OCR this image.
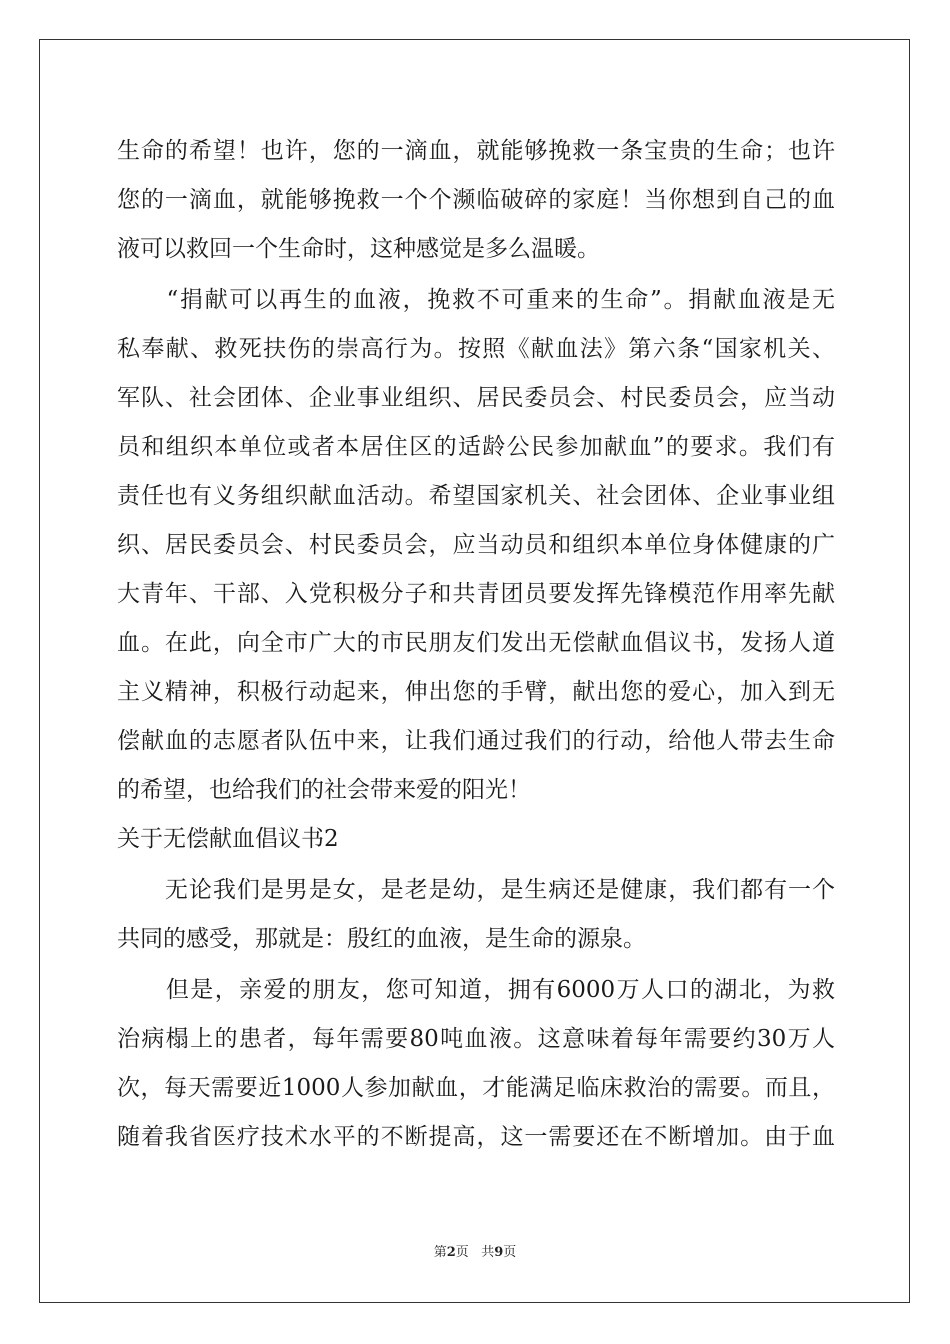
生命的希望！也许，您的一滴血，就能够挽救一条宝贵的生命；也许
您的一滴血，就能够挽救一个个濒临破碎的家庭！当你想到自己的血
液可以救回一个生命时，这种感觉是多么温暖。
　　“捐献可以再生的血液，挽救不可重来的生命”。捐献血液是无
私奉献、救死扶伤的崇高行为。按照《献血法》第六条“国家机关、
军队、社会团体、企业事业组织、居民委员会、村民委员会，应当动
员和组织本单位或者本居住区的适龄公民参加献血”的要求。我们有
责任也有义务组织献血活动。希望国家机关、社会团体、企业事业组
织、居民委员会、村民委员会，应当动员和组织本单位身体健康的广
大青年、干部、入党积极分子和共青团员要发挥先锋模范作用率先献
血。在此，向全市广大的市民朋友们发出无偿献血倡议书，发扬人道
主义精神，积极行动起来，伸出您的手臂，献出您的爱心，加入到无
偿献血的志愿者队伍中来，让我们通过我们的行动，给他人带去生命
的希望，也给我们的社会带来爱的阳光！
关于无偿献血倡议书2
　　无论我们是男是女，是老是幼，是生病还是健康，我们都有一个
共同的感受，那就是：殷红的血液，是生命的源泉。
　　但是，亲爱的朋友，您可知道，拥有6000万人口的湖北，为救
治病榻上的患者，每年需要80吨血液。这意味着每年需要约30万人
次，每天需要近1000人参加献血，才能满足临床救治的需要。而且，
随着我省医疗技术水平的不断提高，这一需要还在不断增加。由于血
第2页 共9页
